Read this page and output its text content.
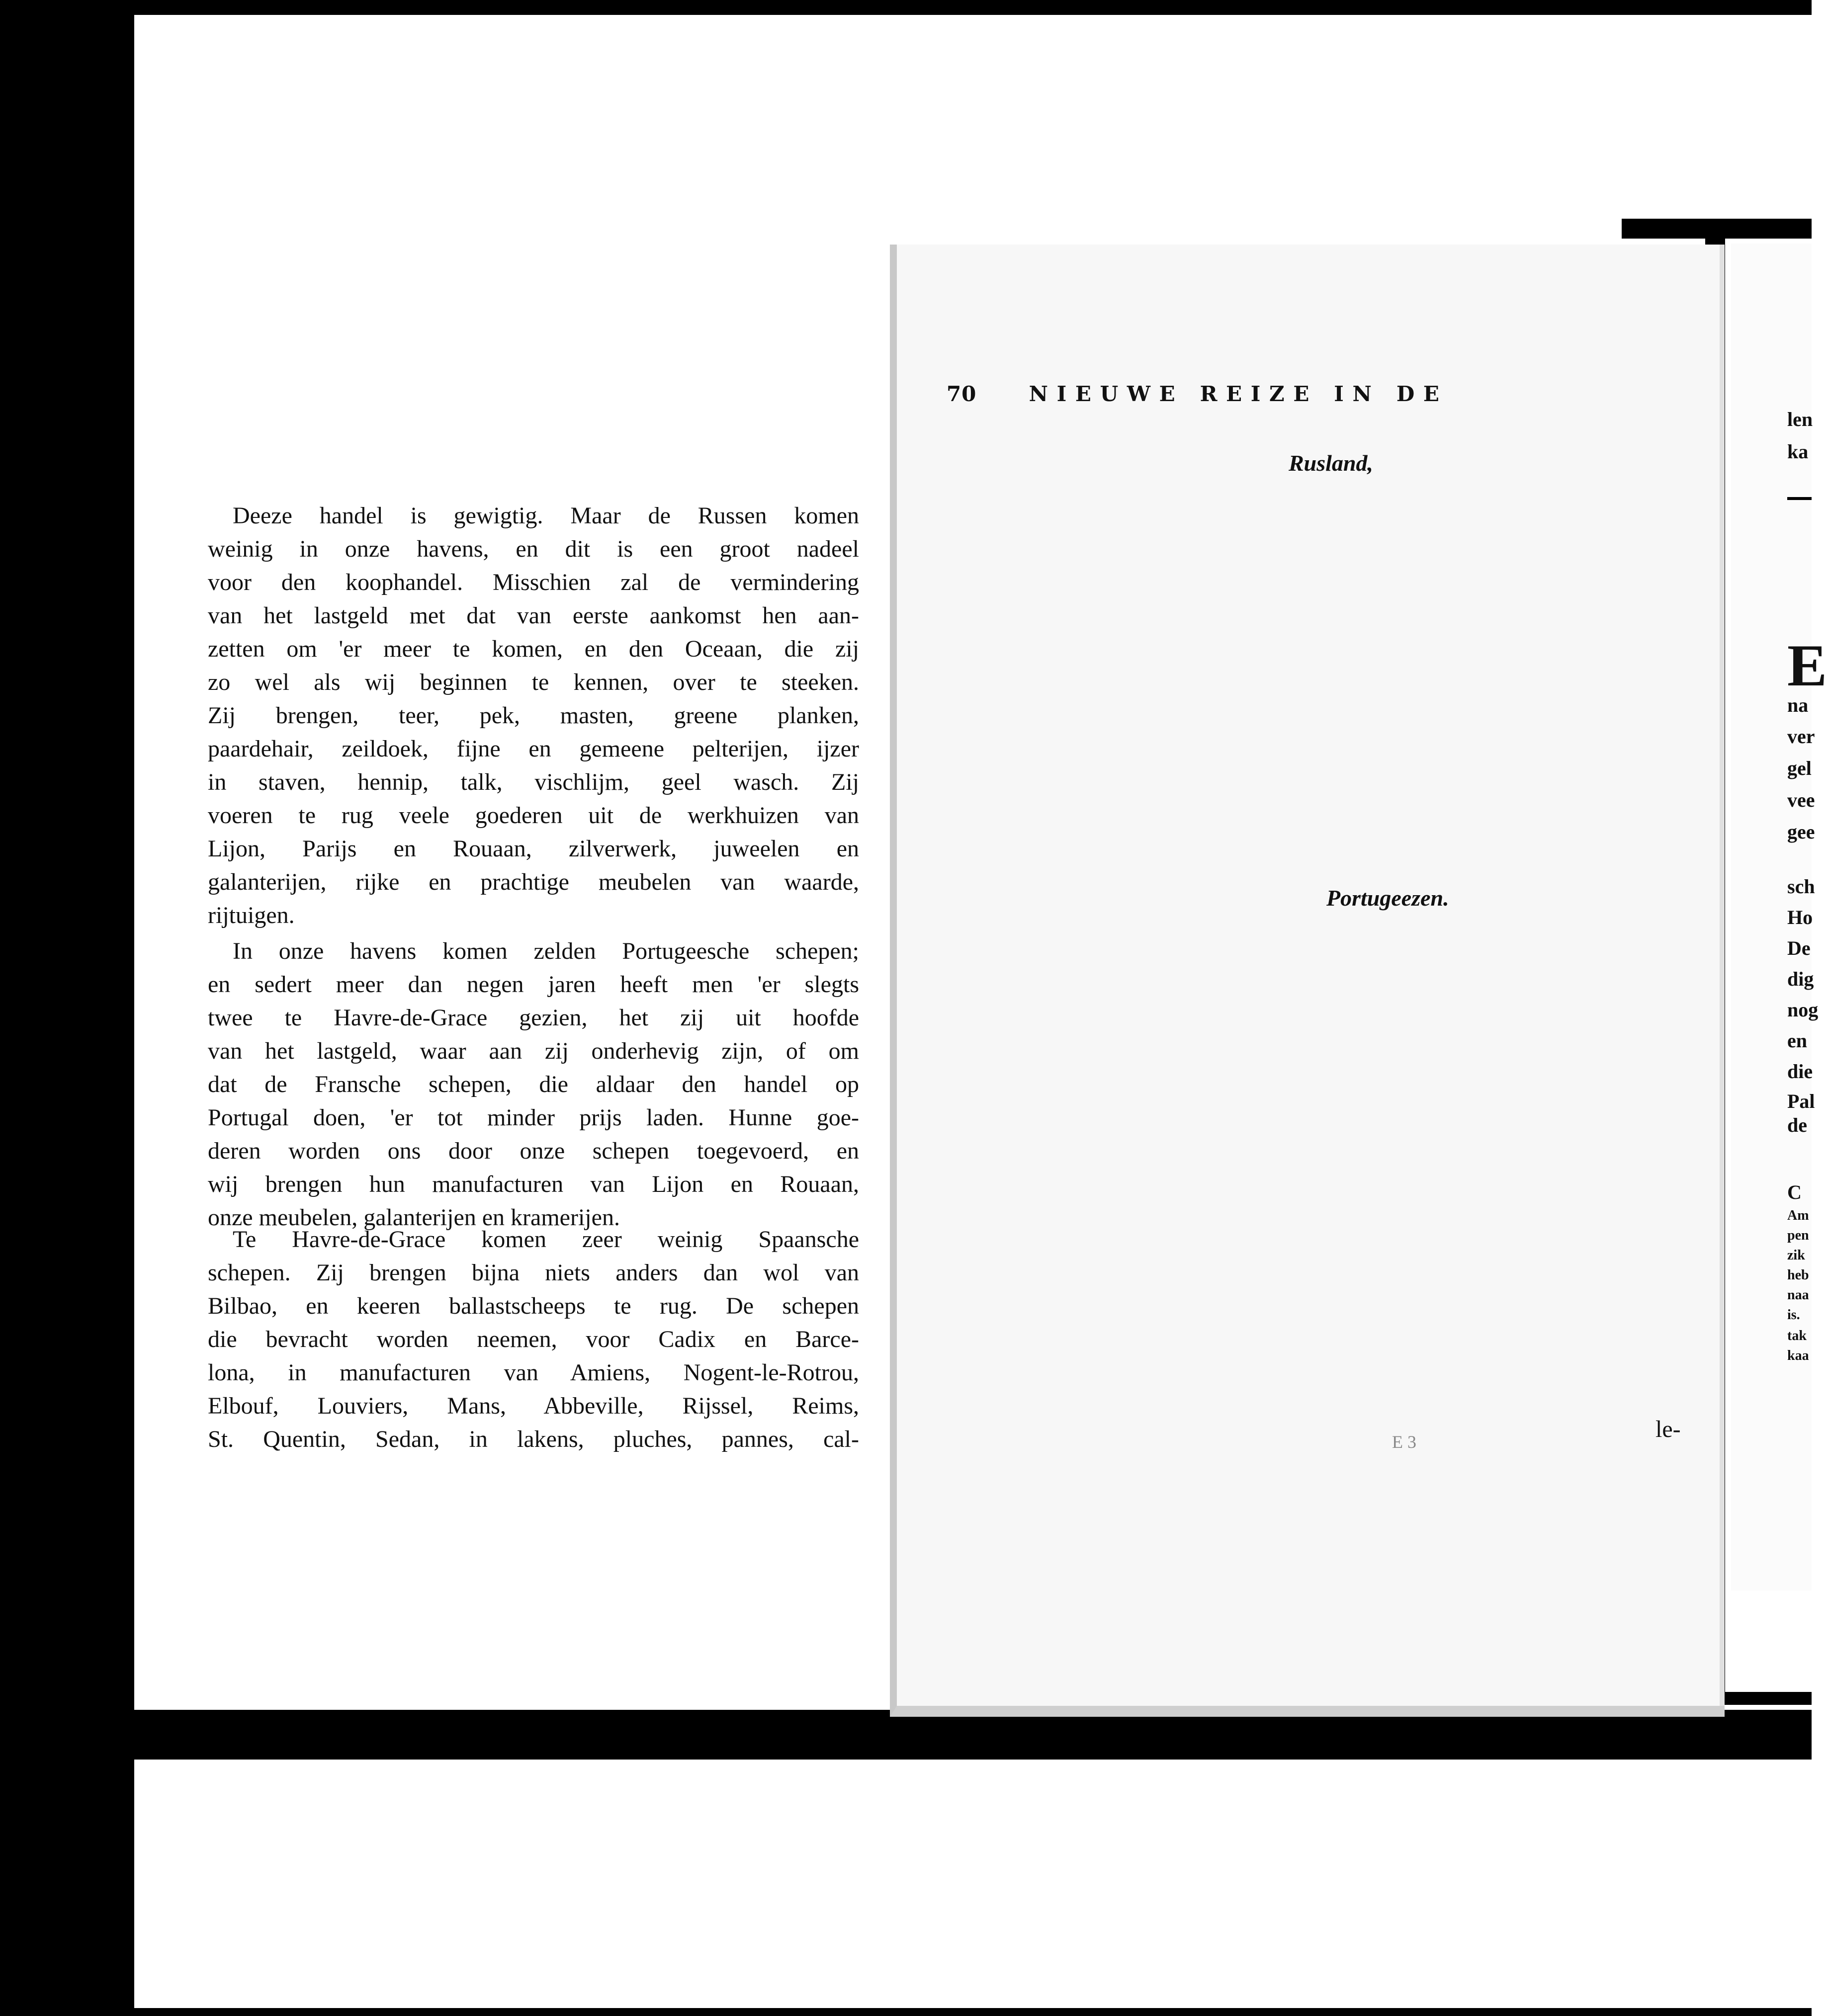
len
ka
E
na
ver
gel
vee
gee
sch
Ho
De
dig
nog
en
die
Pal
de
C
Am
pen
zik
heb
naa
is.
tak
kaa
70	NIEUWE REIZE IN DE
Rusland,

Deeze handel is gewigtig. Maar de Russen komen

weinig in onze havens, en dit is een groot nadeel
voor den koophandel. Misschien zal de vermindering
van het lastgeld met dat van eerste aankomst hen aan-
zetten om 'er meer te komen, en den Oceaan, die zij
zo wel als wij beginnen te kennen, over te steeken.
Zij brengen, teer, pek, masten, greene planken,
paardehair, zeildoek, fijne en gemeene pelterijen, ijzer
in staven, hennip, talk, vischlijm, geel wasch. Zij
voeren te rug veele goederen uit de werkhuizen van
Lijon, Parijs en Rouaan, zilverwerk, juweelen en
galanterijen, rijke en prachtige meubelen van waarde,
rijtuigen.

Portugeezen.

In onze havens komen zelden Portugeesche schepen;

en sedert meer dan negen jaren heeft men 'er slegts
twee te Havre-de-Grace gezien, het zij uit hoofde
van het lastgeld, waar aan zij onderhevig zijn, of om
dat de Fransche schepen, die aldaar den handel op
Portugal doen, 'er tot minder prijs laden. Hunne goe-
deren worden ons door onze schepen toegevoerd, en
wij brengen hun manufacturen van Lijon en Rouaan,
onze meubelen, galanterijen en kramerijen.

Te Havre-de-Grace komen zeer weinig Spaansche

schepen. Zij brengen bijna niets anders dan wol van
Bilbao, en keeren ballastscheeps te rug. De schepen
die bevracht worden neemen, voor Cadix en Barce-
lona, in manufacturen van Amiens, Nogent-le-Rotrou,
Elbouf, Louviers, Mans, Abbeville, Rijssel, Reims,
St. Quentin, Sedan, in lakens, pluches, pannes, cal-	E 3	le-
